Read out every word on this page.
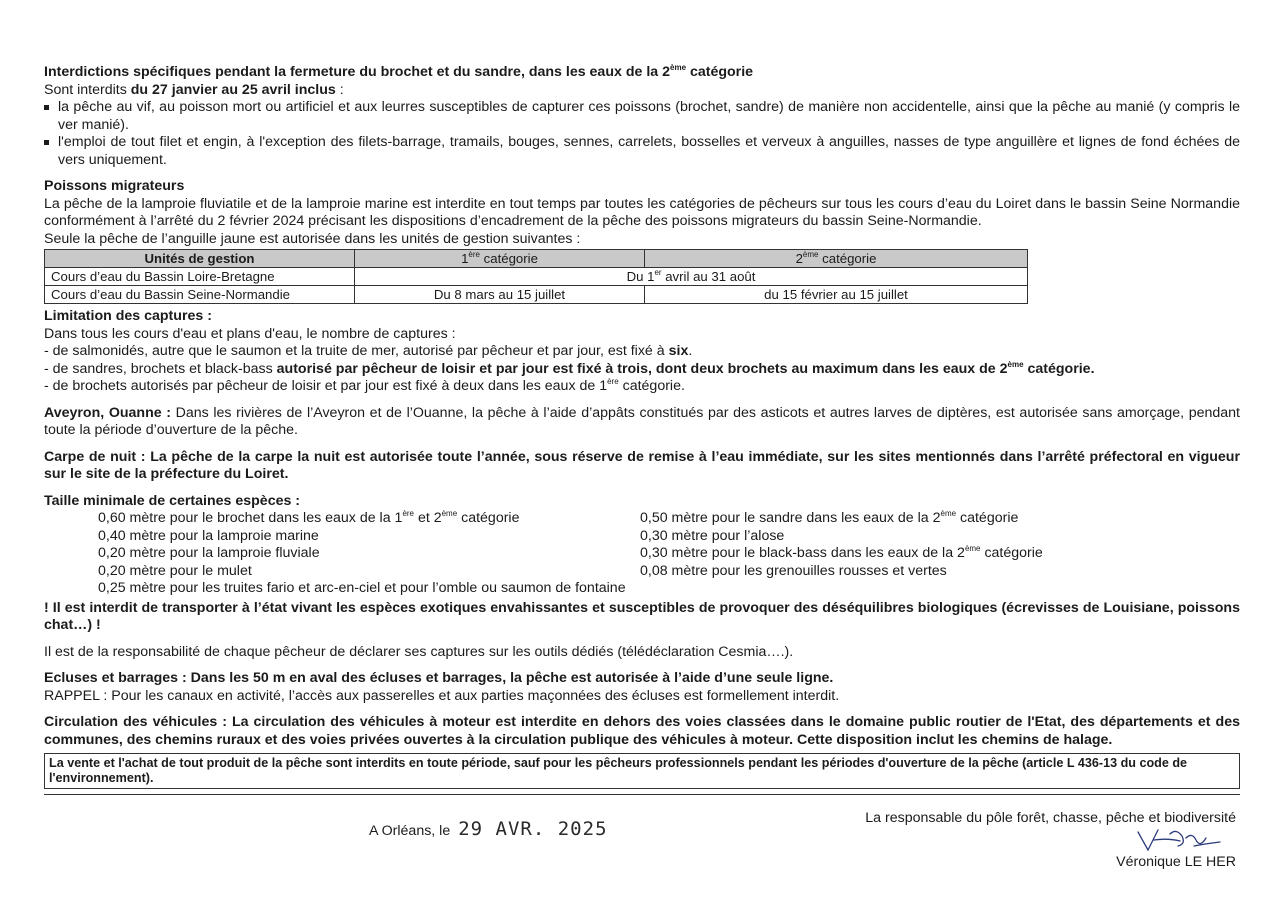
Interdictions spécifiques pendant la fermeture du brochet et du sandre, dans les eaux de la 2ème catégorie

Sont interdits du 27 janvier au 25 avril inclus :

la pêche au vif, au poisson mort ou artificiel et aux leurres susceptibles de capturer ces poissons (brochet, sandre) de manière non accidentelle, ainsi que la pêche au manié (y compris le ver manié).
l'emploi de tout filet et engin, à l'exception des filets-barrage, tramails, bouges, sennes, carrelets, bosselles et verveux à anguilles, nasses de type anguillère et lignes de fond échées de vers uniquement.

Poissons migrateurs

La pêche de la lamproie fluviatile et de la lamproie marine est interdite en tout temps par toutes les catégories de pêcheurs sur tous les cours d’eau du Loiret dans le bassin Seine Normandie conformément à l’arrêté du 2 février 2024 précisant les dispositions d’encadrement de la pêche des poissons migrateurs du bassin Seine-Normandie.

Seule la pêche de l’anguille jaune est autorisée dans les unités de gestion suivantes :

Unités de gestion	1ère catégorie	2ème catégorie
Cours d’eau du Bassin Loire-Bretagne	Du 1er avril au 31 août	
Cours d’eau du Bassin Seine-Normandie	Du 8 mars au 15 juillet	du 15 février au 15 juillet

Limitation des captures :

Dans tous les cours d'eau et plans d'eau, le nombre de captures :

- de salmonidés, autre que le saumon et la truite de mer, autorisé par pêcheur et par jour, est fixé à six.

- de sandres, brochets et black-bass autorisé par pêcheur de loisir et par jour est fixé à trois, dont deux brochets au maximum dans les eaux de 2ème catégorie.

- de brochets autorisés par pêcheur de loisir et par jour est fixé à deux dans les eaux de 1ère catégorie.

Aveyron, Ouanne : Dans les rivières de l’Aveyron et de l’Ouanne, la pêche à l’aide d’appâts constitués par des asticots et autres larves de diptères, est autorisée sans amorçage, pendant toute la période d’ouverture de la pêche.

Carpe de nuit : La pêche de la carpe la nuit est autorisée toute l’année, sous réserve de remise à l’eau immédiate, sur les sites mentionnés dans l’arrêté préfectoral en vigueur sur le site de la préfecture du Loiret.

Taille minimale de certaines espèces :

0,60 mètre pour le brochet dans les eaux de la 1ère et 2ème catégorie	0,50 mètre pour le sandre dans les eaux de la 2ème catégorie
0,40 mètre pour la lamproie marine	0,30 mètre pour l’alose
0,20 mètre pour la lamproie fluviale	0,30 mètre pour le black-bass dans les eaux de la 2ème catégorie
0,20 mètre pour le mulet	0,08 mètre pour les grenouilles rousses et vertes
0,25 mètre pour les truites fario et arc-en-ciel et pour l’omble ou saumon de fontaine

! Il est interdit de transporter à l’état vivant les espèces exotiques envahissantes et susceptibles de provoquer des déséquilibres biologiques (écrevisses de Louisiane, poissons chat…) !

Il est de la responsabilité de chaque pêcheur de déclarer ses captures sur les outils dédiés (télédéclaration Cesmia….).

Ecluses et barrages : Dans les 50 m en aval des écluses et barrages, la pêche est autorisée à l’aide d’une seule ligne.

RAPPEL : Pour les canaux en activité, l’accès aux passerelles et aux parties maçonnées des écluses est formellement interdit.

Circulation des véhicules : La circulation des véhicules à moteur est interdite en dehors des voies classées dans le domaine public routier de l'Etat, des départements et des communes, des chemins ruraux et des voies privées ouvertes à la circulation publique des véhicules à moteur. Cette disposition inclut les chemins de halage.

La vente et l'achat de tout produit de la pêche sont interdits en toute période, sauf pour les pêcheurs professionnels pendant les périodes d'ouverture de la pêche (article L 436-13 du code de l'environnement).
A Orléans, le 29 AVR. 2025	La responsable du pôle forêt, chasse, pêche et biodiversité
Véronique LE HER
